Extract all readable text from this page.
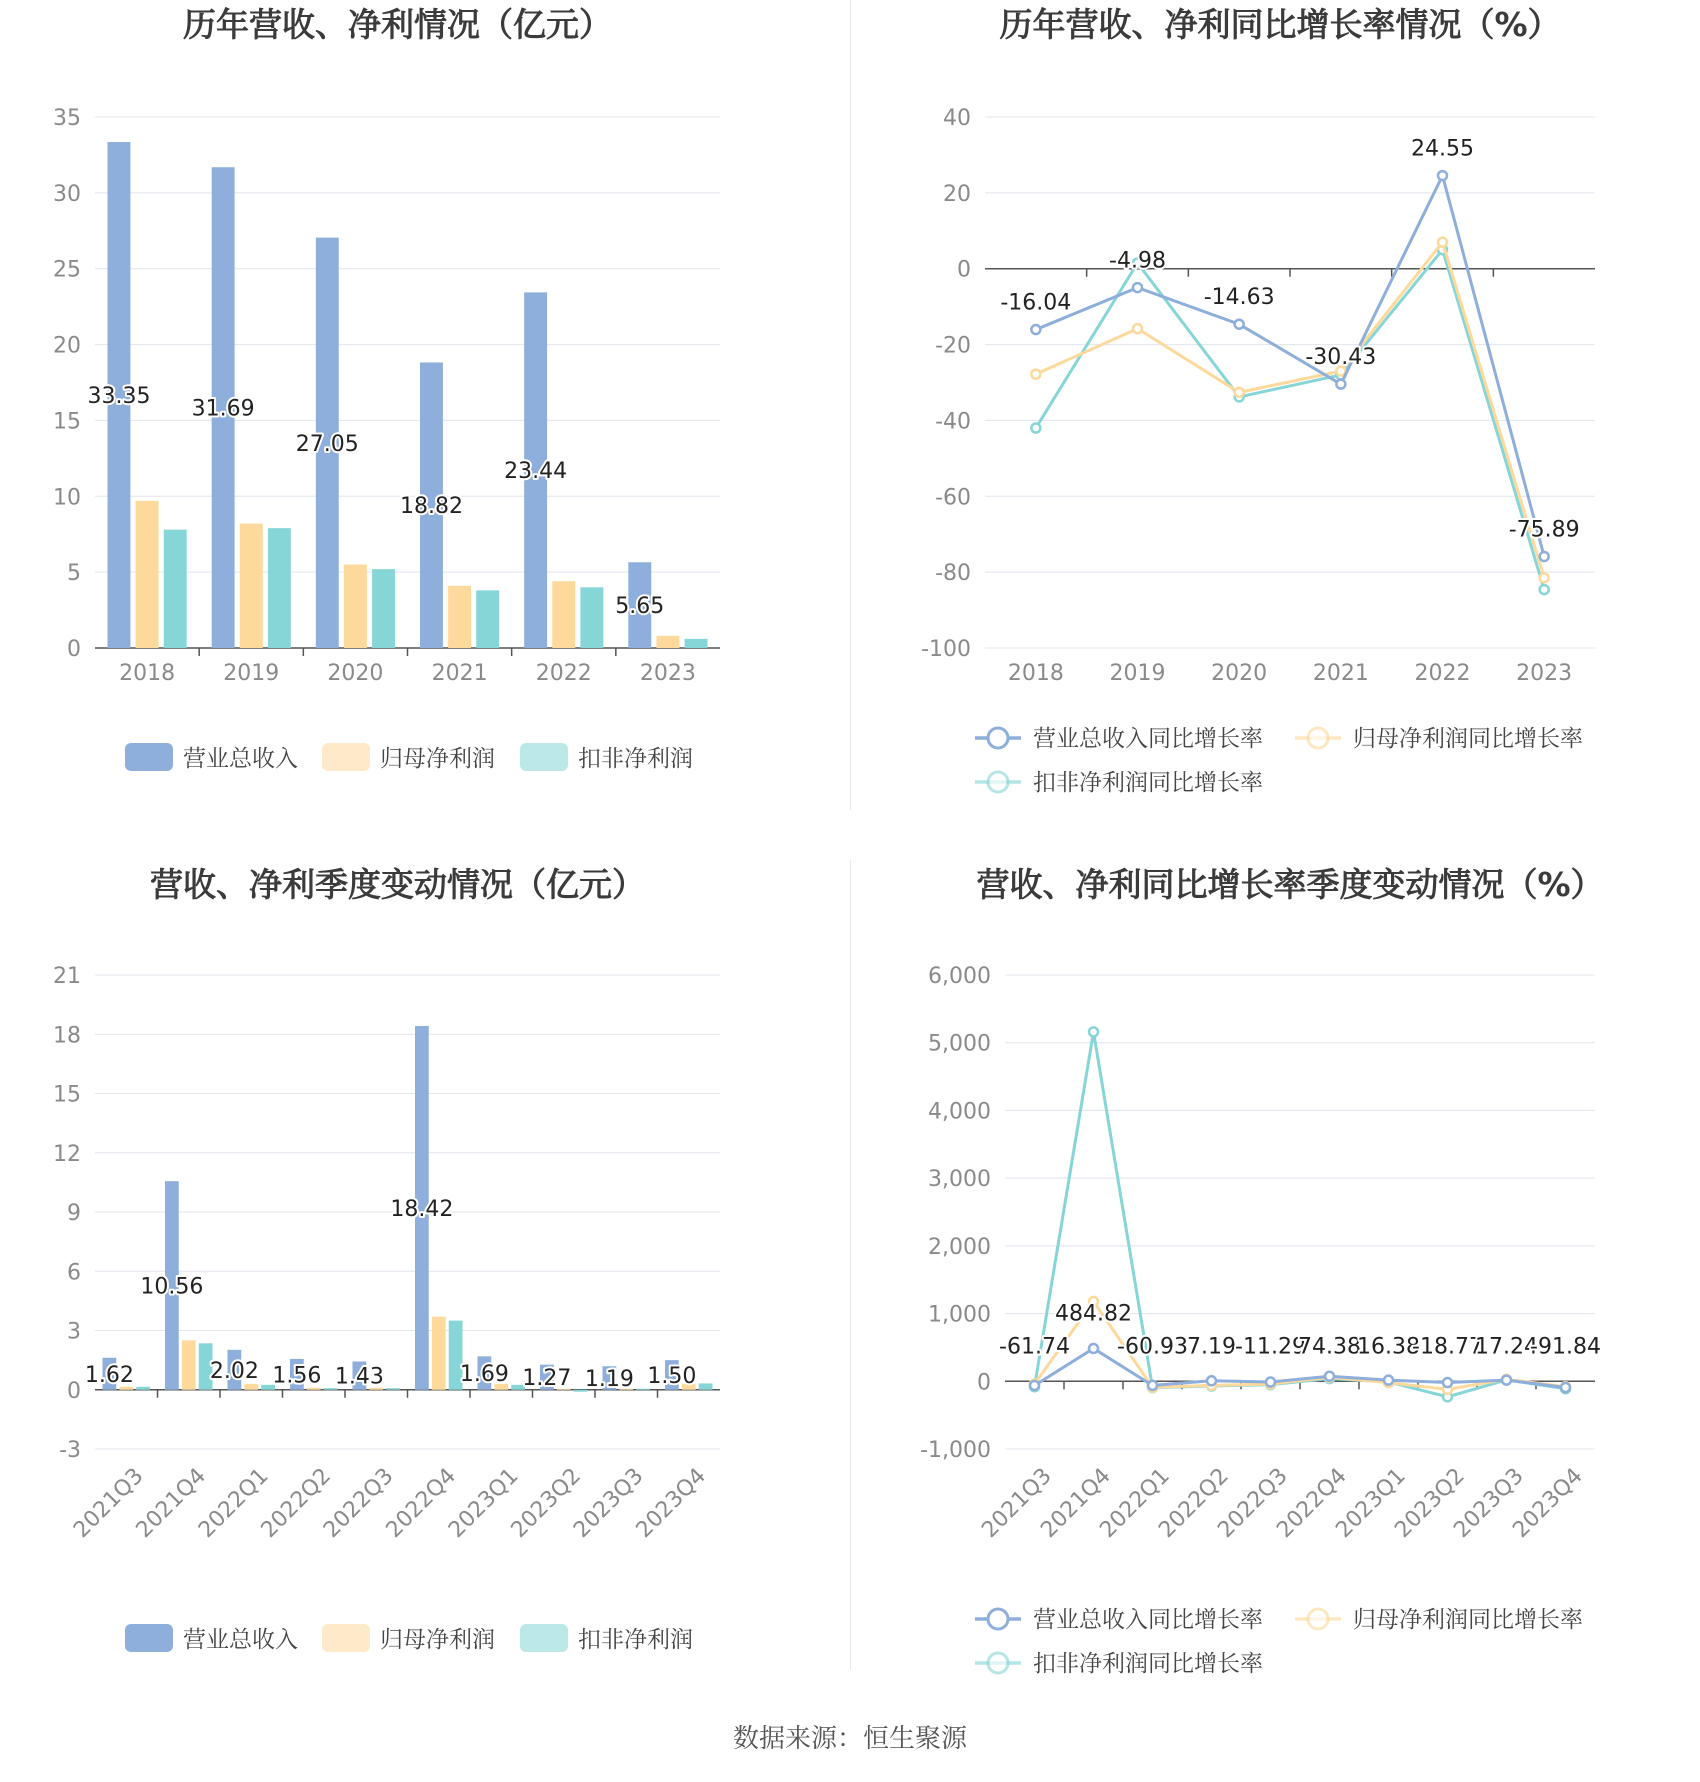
历年营收、净利情况（亿元）
0
5
10
15
20
25
30
35
2018 2019 2020 2021 2022 2023
33.35
31.69
27.05
18.82
23.44
5.65
营业总收入	归母净利润	扣非净利润
历年营收、净利同比增长率情况（%）
-100
-80
-60
-40
-20
0
20
40
2018 2019 2020 2021 2022 2023
-16.04
-4.98
-14.63
-30.43
24.55
-75.89
营业总收入同比增长率	归母净利润同比增长率
扣非净利润同比增长率
营收、净利季度变动情况（亿元）
-3
0
3
6
9
12
15
18
21
2021Q3
2021Q4
2022Q1
2022Q2
2022Q3
2022Q4
2023Q1
2023Q2
2023Q3
2023Q4
1.62
10.56
2.02 1.56 1.43
18.42
1.69 1.27 1.19 1.50
营业总收入	归母净利润	扣非净利润
营收、净利同比增长率季度变动情况（%）
-1,000
0
1,000
2,000
3,000
4,000
5,000
6,000
2021Q3
2021Q4
2022Q1
2022Q2
2022Q3
2022Q4
2023Q1
2023Q2
2023Q3
2023Q4
-61.74
484.82
-60.93 7.19 -11.29
74.38
16.38
-18.77
17.24
-91.84
营业总收入同比增长率	归母净利润同比增长率
扣非净利润同比增长率
数据来源：恒生聚源
